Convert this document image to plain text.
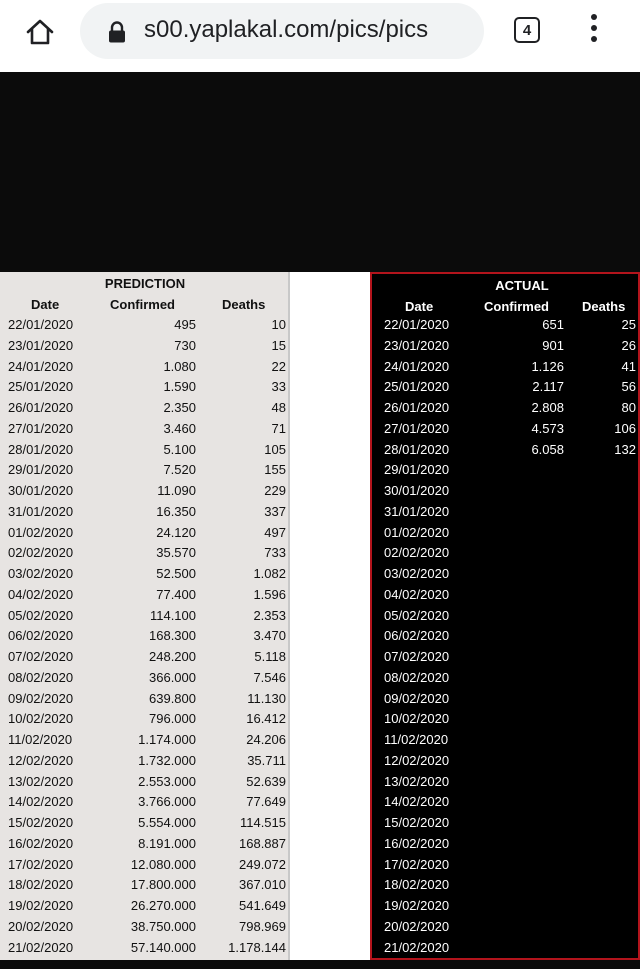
s00.yaplakal.com/pics/pics	4
PREDICTION
Date	Confirmed	Deaths
22/01/2020	495	10
23/01/2020	730	15
24/01/2020	1.080	22
25/01/2020	1.590	33
26/01/2020	2.350	48
27/01/2020	3.460	71
28/01/2020	5.100	105
29/01/2020	7.520	155
30/01/2020	11.090	229
31/01/2020	16.350	337
01/02/2020	24.120	497
02/02/2020	35.570	733
03/02/2020	52.500	1.082
04/02/2020	77.400	1.596
05/02/2020	114.100	2.353
06/02/2020	168.300	3.470
07/02/2020	248.200	5.118
08/02/2020	366.000	7.546
09/02/2020	639.800	11.130
10/02/2020	796.000	16.412
11/02/2020	1.174.000	24.206
12/02/2020	1.732.000	35.711
13/02/2020	2.553.000	52.639
14/02/2020	3.766.000	77.649
15/02/2020	5.554.000	114.515
16/02/2020	8.191.000	168.887
17/02/2020	12.080.000	249.072
18/02/2020	17.800.000	367.010
19/02/2020	26.270.000	541.649
20/02/2020	38.750.000	798.969
21/02/2020	57.140.000 1.178.144
ACTUAL
Date	Confirmed	Deaths
22/01/2020	651	25
23/01/2020	901	26
24/01/2020	1.126	41
25/01/2020	2.117	56
26/01/2020	2.808	80
27/01/2020	4.573	106
28/01/2020	6.058	132
29/01/2020
30/01/2020
31/01/2020
01/02/2020
02/02/2020
03/02/2020
04/02/2020
05/02/2020
06/02/2020
07/02/2020
08/02/2020
09/02/2020
10/02/2020
11/02/2020
12/02/2020
13/02/2020
14/02/2020
15/02/2020
16/02/2020
17/02/2020
18/02/2020
19/02/2020
20/02/2020
21/02/2020
